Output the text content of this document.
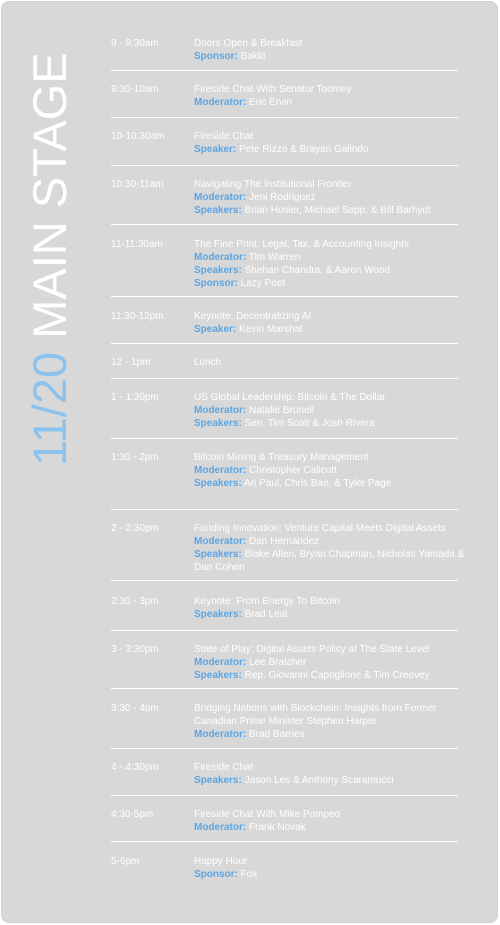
11/20 MAIN STAGE
9 - 9:30am	Doors Open & Breakfast
Sponsor: Bakkt
9:30-10am	Fireside Chat With Senator Toomey
Moderator: Eric Ervin
10-10:30am	Fireside Chat
Speaker: Pete Rizzo & Brayan Galindo
10:30-11am	Navigating The Institutional Frontier
Moderator: Jeni Rodriguez
Speakers: Brian Hosier, Michael Sapp, & Bill Barhydt
11-11:30am	The Fine Print: Legal, Tax, & Accounting Insights
Moderator: Tim Warren
Speakers: Shehan Chandra, & Aaron Wood
Sponsor: Lazy Poet
11:30-12pm	Keynote: Decentralizing AI
Speaker: Kevin Marshal
12 - 1pm	Lunch
1 - 1:30pm	US Global Leadership: Bitcoin & The Dollar
Moderator: Natalie Brunell
Speakers: Sen. Tim Scott & Josh Rivera
1:30 - 2pm	Bitcoin Mining & Treasury Management
Moderator: Christopher Calicott
Speakers: Ari Paul, Chris Bae, & Tyler Page
2 - 2:30pm	Funding Innovation: Venture Capital Meets Digital Assets
Moderator: Dan Hernandez
Speakers: Blake Allen, Bryan Chapman, Nicholas Yamada & Dan Cohen
2:30 - 3pm	Keynote: From Energy To Bitcoin
Speakers: Brad Leal
3 - 3:30pm	State of Play: Digital Assets Policy at The State Level
Moderator: Lee Bratcher
Speakers: Rep. Giovanni Capriglione & Tim Creevey
3:30 - 4pm	Bridging Nations with Blockchain: Insights from Former Canadian Prime Minister Stephen Harper
Moderator: Brad Barnes
4 - 4:30pm	Fireside Chat
Speakers: Jason Les & Anthony Scaramucci
4:30-5pm	Fireside Chat With Mike Pompeo
Moderator: Frank Novak
5-6pm	Happy Hour
Sponsor: Fox
